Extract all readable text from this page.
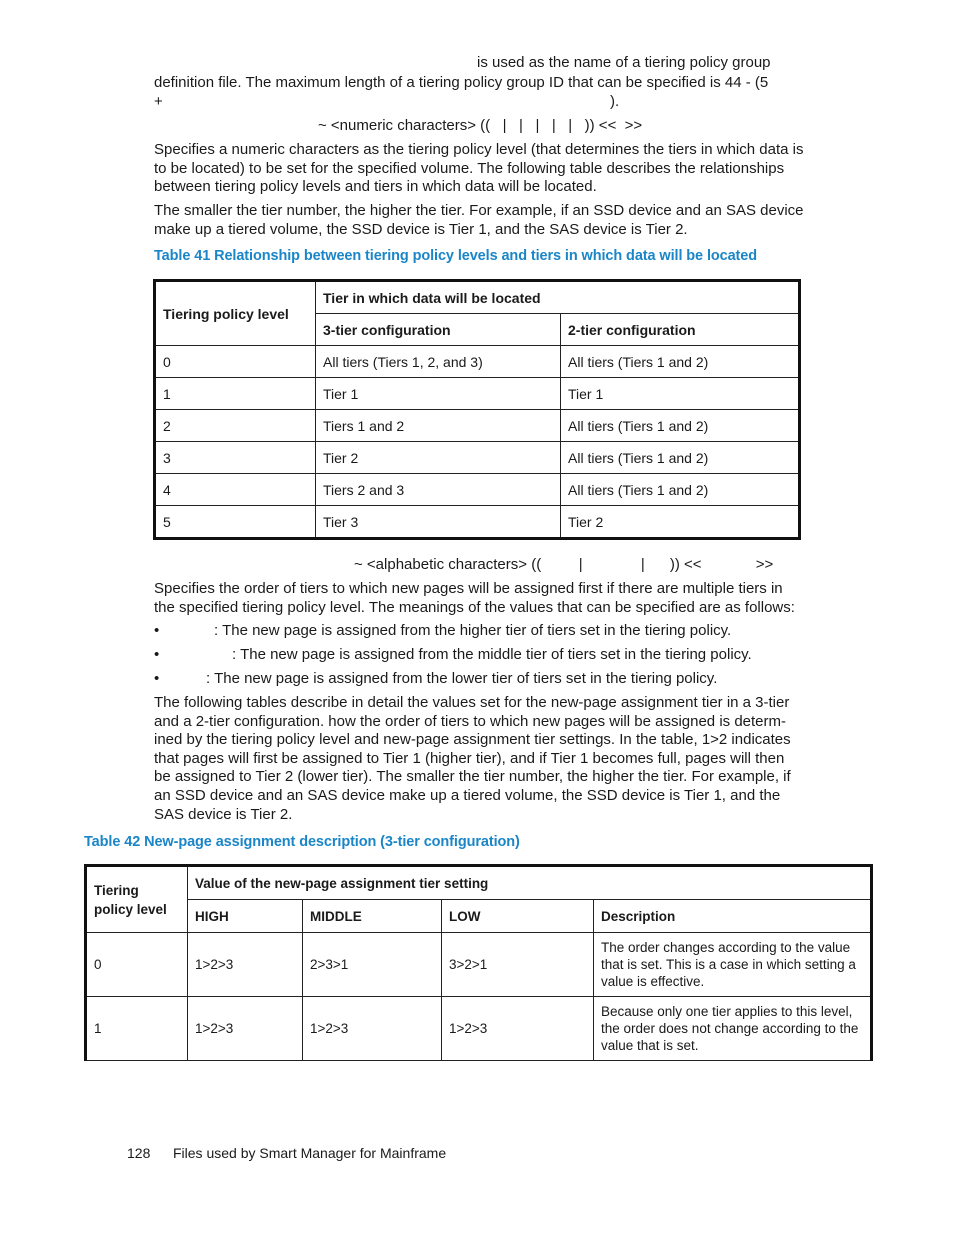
is used as the name of a tiering policy group
definition file. The maximum length of a tiering policy group ID that can be specified is 44 - (5
+	).
~ <numeric characters> ((   |   |   |   |   |   )) <<  >>
Specifies a numeric characters as the tiering policy level (that determines the tiers in which data is to be located) to be set for the specified volume. The following table describes the relationships between tiering policy levels and tiers in which data will be located.
The smaller the tier number, the higher the tier. For example, if an SSD device and an SAS device make up a tiered volume, the SSD device is Tier 1, and the SAS device is Tier 2.
Table 41 Relationship between tiering policy levels and tiers in which data will be located
Tiering policy level	Tier in which data will be located	
	3-tier configuration	2-tier configuration
0	All tiers (Tiers 1, 2, and 3)	All tiers (Tiers 1 and 2)
1	Tier 1	Tier 1
2	Tiers 1 and 2	All tiers (Tiers 1 and 2)
3	Tier 2	All tiers (Tiers 1 and 2)
4	Tiers 2 and 3	All tiers (Tiers 1 and 2)
5	Tier 3	Tier 2
~ <alphabetic characters> ((         |              |      )) <<             >>
Specifies the order of tiers to which new pages will be assigned first if there are multiple tiers in the specified tiering policy level. The meanings of the values that can be specified are as follows:
•	: The new page is assigned from the higher tier of tiers set in the tiering policy.
•	: The new page is assigned from the middle tier of tiers set in the tiering policy.
•	: The new page is assigned from the lower tier of tiers set in the tiering policy.
The following tables describe in detail the values set for the new-page assignment tier in a 3-tier and a 2-tier configuration. how the order of tiers to which new pages will be assigned is determ-ined by the tiering policy level and new-page assignment tier settings. In the table, 1>2 indicates that pages will first be assigned to Tier 1 (higher tier), and if Tier 1 becomes full, pages will then be assigned to Tier 2 (lower tier). The smaller the tier number, the higher the tier. For example, if an SSD device and an SAS device make up a tiered volume, the SSD device is Tier 1, and the SAS device is Tier 2.
Table 42 New-page assignment description (3-tier configuration)
Tiering policy level	Value of the new-page assignment tier setting			
	HIGH	MIDDLE	LOW	Description
0	1>2>3	2>3>1	3>2>1	The order changes according to the value that is set. This is a case in which setting a value is effective.
1	1>2>3	1>2>3	1>2>3	Because only one tier applies to this level, the order does not change according to the value that is set.
128 Files used by Smart Manager for Mainframe
